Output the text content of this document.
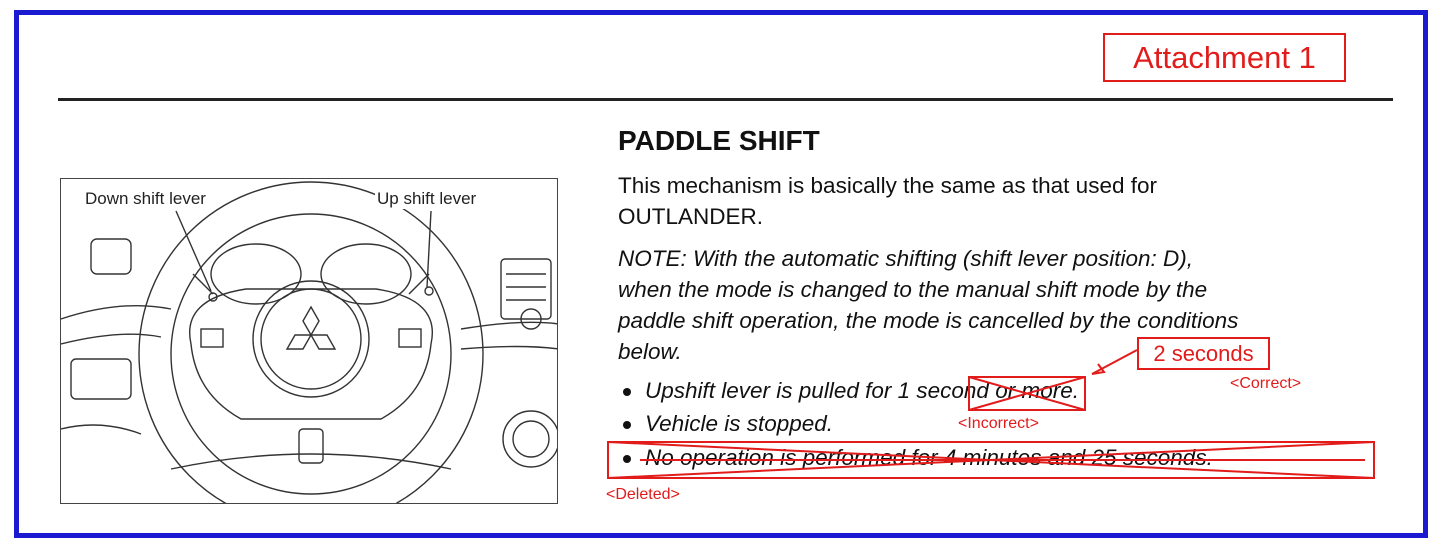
Attachment 1
Down shift lever	Up shift lever
PADDLE SHIFT
This mechanism is basically the same as that used for
OUTLANDER.
NOTE: With the automatic shifting (shift lever position: D),
when the mode is changed to the manual shift mode by the
paddle shift operation, the mode is cancelled by the conditions
below.
Upshift lever is pulled for 1 second or more.
Vehicle is stopped.
No operation is performed for 4 minutes and 25 seconds.
2 seconds
<Correct>
<Incorrect>
<Deleted>
